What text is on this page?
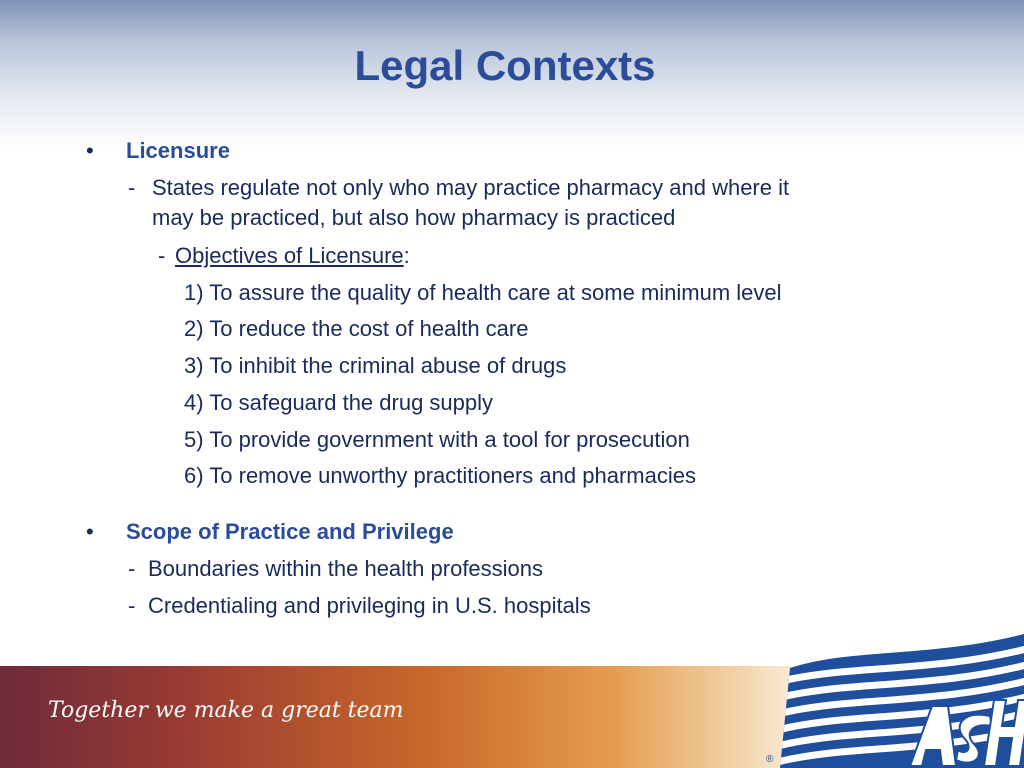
Legal Contexts
• Licensure
- States regulate not only who may practice pharmacy and where it
may be practiced, but also how pharmacy is practiced
- Objectives of Licensure:
1) To assure the quality of health care at some minimum level
2) To reduce the cost of health care
3) To inhibit the criminal abuse of drugs
4) To safeguard the drug supply
5) To provide government with a tool for prosecution
6) To remove unworthy practitioners and pharmacies
• Scope of Practice and Privilege
- Boundaries within the health professions
- Credentialing and privileging in U.S. hospitals
Together we make a great team
®
